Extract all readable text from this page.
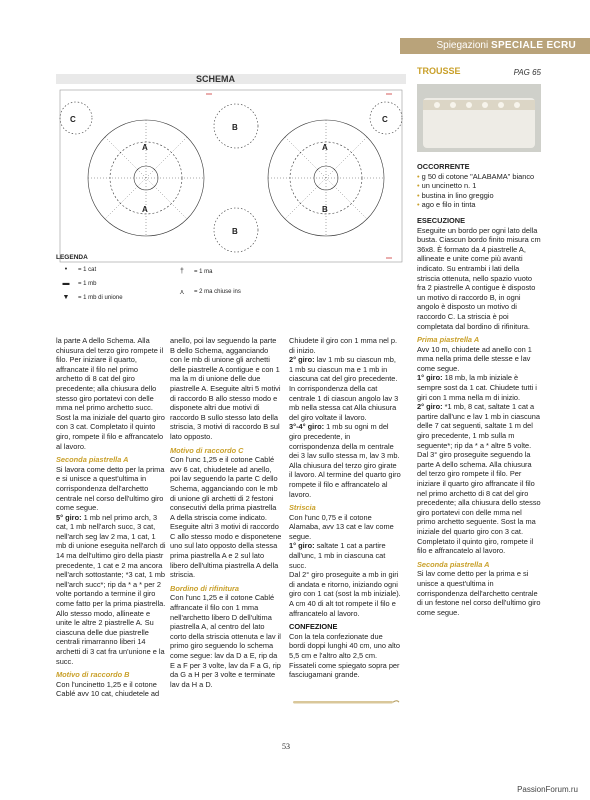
Spiegazioni SPECIALE ECRU
SCHEMA
A
B
C
A
B
C
A	B
LEGENDA
•	= 1 cat
▬	= 1 mb
▼	= 1 mb di unione
†	= 1 ma
⋏	= 2 ma chiuse ins

la parte A dello Schema. Alla chiusura del terzo giro rompete il filo. Per iniziare il quarto, affrancate il filo nel primo archetto di 8 cat del giro precedente; alla chiusura dello stesso giro portatevi con delle mma nel primo archetto succ. Sost la ma iniziale del quarto giro con 3 cat. Completato il quinto giro, rompete il filo e affrancatelo al lavoro.

Seconda piastrella A

Si lavora come detto per la prima e si unisce a quest'ultima in corrispondenza dell'archetto centrale nel corso dell'ultimo giro come segue.

5° giro: 1 mb nel primo arch, 3 cat, 1 mb nell'arch succ, 3 cat, nell'arch seg lav 2 ma, 1 cat, 1 mb di unione eseguita nell'arch di 14 ma dell'ultimo giro della piastr precedente, 1 cat e 2 ma ancora nell'arch sottostante; *3 cat, 1 mb nell'arch succ*; rip da * a * per 2 volte portando a termine il giro come fatto per la prima piastrella.

Allo stesso modo, allineate e unite le altre 2 piastrelle A. Su ciascuna delle due piastrelle centrali rimarranno liberi 14 archetti di 3 cat fra un'unione e la succ.

Motivo di raccordo B

Con l'uncinetto 1,25 e il cotone Cablé avv 10 cat, chiudetele ad

anello, poi lav seguendo la parte B dello Schema, agganciando con le mb di unione gli archetti delle piastrelle A contigue e con 1 ma la m di unione delle due piastrelle A. Eseguite altri 5 motivi di raccordo B allo stesso modo e disponete altri due motivi di raccordo B sullo stesso lato della striscia, 3 motivi di raccordo B sul lato opposto.

Motivo di raccordo C

Con l'unc 1,25 e il cotone Cablé avv 6 cat, chiudetele ad anello, poi lav seguendo la parte C dello Schema, agganciando con le mb di unione gli archetti di 2 festoni consecutivi della prima piastrella A della striscia come indicato.

Eseguite altri 3 motivi di raccordo C allo stesso modo e disponetene uno sul lato opposto della stessa prima piastrella A e 2 sul lato libero dell'ultima piastrella A della striscia.

Bordino di rifinitura

Con l'unc 1,25 e il cotone Cablé affrancate il filo con 1 mma nell'archetto libero D dell'ultima piastrella A, al centro del lato corto della striscia ottenuta e lav il primo giro seguendo lo schema come segue: lav da D a E, rip da E a F per 3 volte, lav da F a G, rip da G a H per 3 volte e terminate lav da H a D.

Chiudete il giro con 1 mma nel p. di inizio.

2° giro: lav 1 mb su ciascun mb, 1 mb su ciascun ma e 1 mb in ciascuna cat del giro precedente. In corrispondenza della cat centrale 1 di ciascun angolo lav 3 mb nella stessa cat Alla chiusura del giro voltate il lavoro.

3°-4° giro: 1 mb su ogni m del giro precedente, in corrispondenza della m centrale dei 3 lav sullo stessa m, lav 3 mb. Alla chiusura del terzo giro girate il lavoro. Al termine del quarto giro rompete il filo e affrancatelo al lavoro.

Striscia

Con l'unc 0,75 e il cotone Alamaba, avv 13 cat e lav come segue.

1° giro: saltate 1 cat a partire dall'unc, 1 mb in ciascuna cat succ.

Dal 2° giro proseguite a mb in giri di andata e ritorno, iniziando ogni giro con 1 cat (sost la mb iniziale). A cm 40 di alt tot rompete il filo e affrancatelo al lavoro.

CONFEZIONE

Con la tela confezionate due bordi doppi lunghi 40 cm, uno alto 5,5 cm e l'altro alto 2,5 cm. Fissateli come spiegato sopra per fasciugamani grande.

TROUSSE	PAG 65

OCCORRENTE

• g 50 di cotone "ALABAMA" bianco

• un uncinetto n. 1

• bustina in lino greggio

• ago e filo in tinta

ESECUZIONE

Eseguite un bordo per ogni lato della busta. Ciascun bordo finito misura cm 36x8. È formato da 4 piastrelle A, allineate e unite come più avanti indicato. Su entrambi i lati della striscia ottenuta, nello spazio vuoto fra 2 piastrelle A contigue è disposto un motivo di raccordo B, in ogni angolo è disposto un motivo di raccordo C. La striscia è poi completata dal bordino di rifinitura.

Prima piastrella A

Avv 10 m, chiudete ad anello con 1 mma nella prima delle stesse e lav come segue.

1° giro: 18 mb, la mb iniziale è sempre sost da 1 cat. Chiudete tutti i giri con 1 mma nella m di inizio.

2° giro: *1 mb, 8 cat, saltate 1 cat a partire dall'unc e lav 1 mb in ciascuna delle 7 cat seguenti, saltate 1 m del giro precedente, 1 mb sulla m seguente*; rip da * a * altre 5 volte.

Dal 3° giro proseguite seguendo la parte A dello schema. Alla chiusura del terzo giro rompete il filo. Per iniziare il quarto giro affrancate il filo nel primo archetto di 8 cat del giro precedente; alla chiusura dello stesso giro portatevi con delle mma nel primo archetto seguente. Sost la ma iniziale del quarto giro con 3 cat. Completato il quinto giro, rompete il filo e affrancatelo al lavoro.

Seconda piastrella A

Si lav come detto per la prima e si unisce a quest'ultima in corrispondenza dell'archetto centrale di un festone nel corso dell'ultimo giro come segue.

53
PassionForum.ru
